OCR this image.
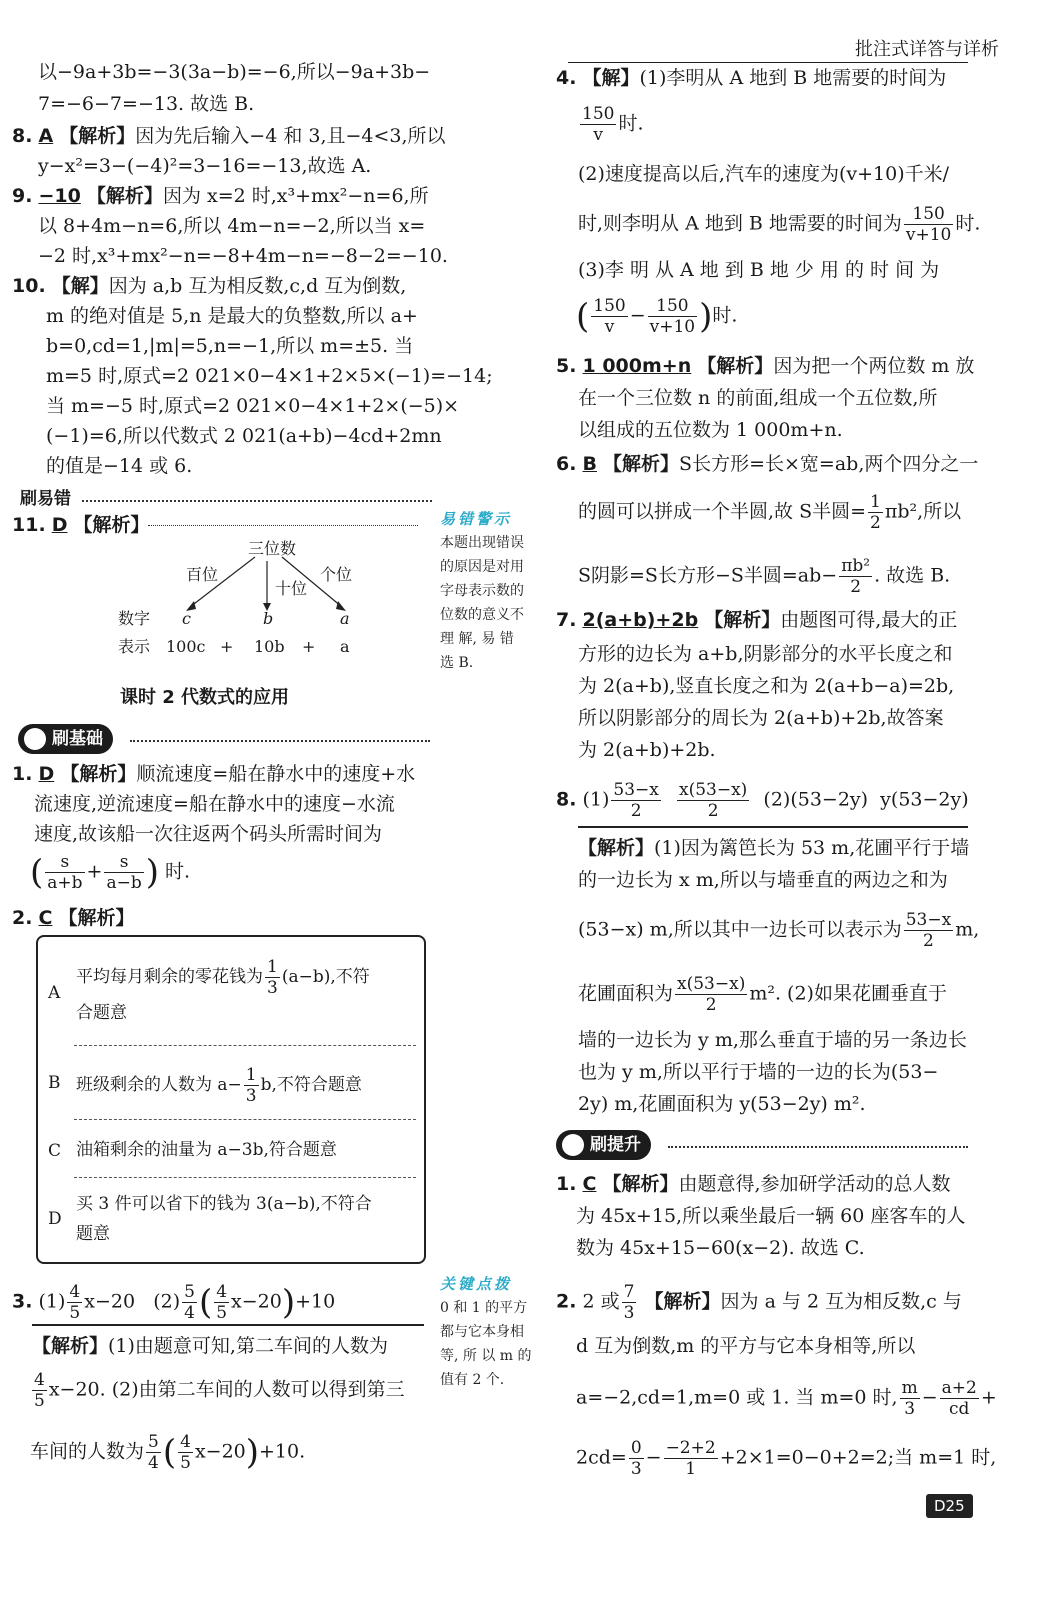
批注式详答与详析
以−9a+3b=−3(3a−b)=−6,所以−9a+3b−
7=−6−7=−13. 故选 B.
8. A 【解析】因为先后输入−4 和 3,且−4<3,所以
y−x²=3−(−4)²=3−16=−13,故选 A.
9. −10 【解析】因为 x=2 时,x³+mx²−n=6,所
以 8+4m−n=6,所以 4m−n=−2,所以当 x=
−2 时,x³+mx²−n=−8+4m−n=−8−2=−10.
10. 【解】因为 a,b 互为相反数,c,d 互为倒数,
m 的绝对值是 5,n 是最大的负整数,所以 a+
b=0,cd=1,|m|=5,n=−1,所以 m=±5. 当
m=5 时,原式=2 021×0−4×1+2×5×(−1)=−14;
当 m=−5 时,原式=2 021×0−4×1+2×(−5)×
(−1)=6,所以代数式 2 021(a+b)−4cd+2mn
的值是−14 或 6.
刷易错
11. D 【解析】
三位数
百位
十位
个位
数字 c	b	a
表示 100c + 10b + a
易错警示
本题出现错误
的原因是对用
字母表示数的
位数的意义不
理 解, 易 错
选 B.
课时 2 代数式的应用
刷基础
1. D 【解析】顺流速度=船在静水中的速度+水
流速度,逆流速度=船在静水中的速度−水流
速度,故该船一次往返两个码头所需时间为
( $\frac{s}{a+b} + \frac{s}{a-b}$ ) 时.
2. C 【解析】
A
平均每月剩余的零花钱为 $\frac{1}{3} (a-b)$,不符
合题意
B 班级剩余的人数为 $a- \frac{1}{3} b$,不符合题意
C 油箱剩余的油量为 a−3b,符合题意
D
买 3 件可以省下的钱为 3(a−b),不符合
题意
3. $(1) \frac{4}{5} x-20$ $(2) \frac{5}{4}$ ( $\frac{4}{5} x-20)+10$
【解析】(1)由题意可知,第二车间的人数为
$\frac{4}{5} x-20$. (2)由第二车间的人数可以得到第三
车间的人数为 $\frac{5}{4}$ ( $\frac{4}{5} x-20)+10$.
关键点拨
0 和 1 的平方
都与它本身相
等, 所 以 m 的
值有 2 个.
4. 【解】(1)李明从 A 地到 B 地需要的时间为
$\frac{150}{v}$ 时.
(2)速度提高以后,汽车的速度为(v+10)千米/
时,则李明从 A 地到 B 地需要的时间为 $\frac{150}{v+10}$ 时.
(3)李 明 从 A 地 到 B 地 少 用 的 时 间 为
( $\frac{150}{v} - \frac{150}{v+10}$ )时.
5. 1 000m+n 【解析】因为把一个两位数 m 放
在一个三位数 n 的前面,组成一个五位数,所
以组成的五位数为 1 000m+n.
6. B 【解析】S长方形=长×宽=ab,两个四分之一
的圆可以拼成一个半圆,故 S半圆= $\frac{1}{2} \pi b^2$,所以
S阴影=S长方形−S半圆$=ab- \frac{\text{πb²}}{2}$ . 故选 B.
7. 2(a+b)+2b 【解析】由题图可得,最大的正
方形的边长为 a+b,阴影部分的水平长度之和
为 2(a+b),竖直长度之和为 2(a+b−a)=2b,
所以阴影部分的周长为 2(a+b)+2b,故答案
为 2(a+b)+2b.
8. $(1) \frac{53-x}{2}$
$\frac{x(53-x)}{2} (2)(53-2y)$ y(53−2y)
【解析】(1)因为篱笆长为 53 m,花圃平行于墙
的一边长为 x m,所以与墙垂直的两边之和为
(53−x) m,所以其中一边长可以表示为 $\frac{53-x}{2} m$,
花圃面积为 $\frac{x(53-x)}{2} m^2$. (2)如果花圃垂直于
墙的一边长为 y m,那么垂直于墙的另一条边长
也为 y m,所以平行于墙的一边的长为(53−
2y) m,花圃面积为 y(53−2y) m².
刷提升
1. C 【解析】由题意得,参加研学活动的总人数
为 45x+15,所以乘坐最后一辆 60 座客车的人
数为 45x+15−60(x−2). 故选 C.
2. 2 或 $\frac{7}{3}$ 【解析】因为 a 与 2 互为相反数,c 与
d 互为倒数,m 的平方与它本身相等,所以
a=−2,cd=1,m=0 或 1. 当 m=0 时, $\frac{m}{3} - \frac{a+2}{cd}$ +
$2cd= \frac{0}{3} - \frac{-2+2}{1} +2\times 1=0-0+2=2$;当 m=1 时,
D25
